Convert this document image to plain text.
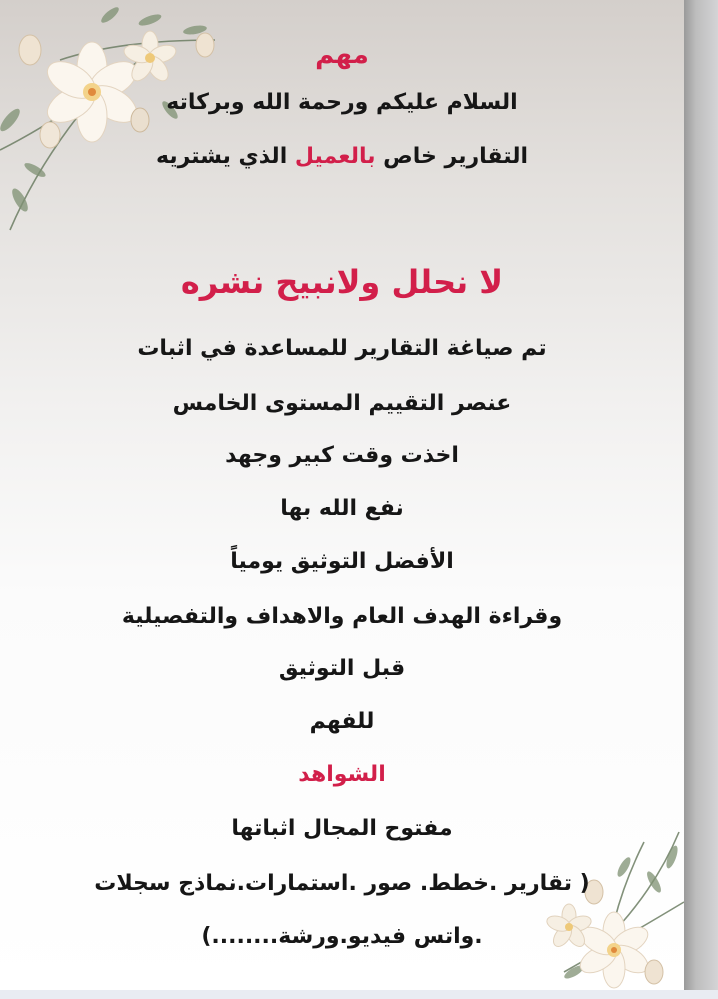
مهم
السلام عليكم ورحمة الله وبركاته
التقارير خاص بالعميل الذي يشتريه
لا نحلل ولانبيح نشره
تم صياغة التقارير للمساعدة في اثبات
عنصر التقييم المستوى الخامس
اخذت وقت كبير وجهد
نفع الله بها
الأفضل التوثيق يومياً
وقراءة الهدف العام والاهداف والتفصيلية
قبل التوثيق
للفهم
الشواهد
مفتوح المجال اثباتها
( تقارير .خطط. صور .استمارات.نماذج سجلات
.واتس فيديو.ورشة........)
